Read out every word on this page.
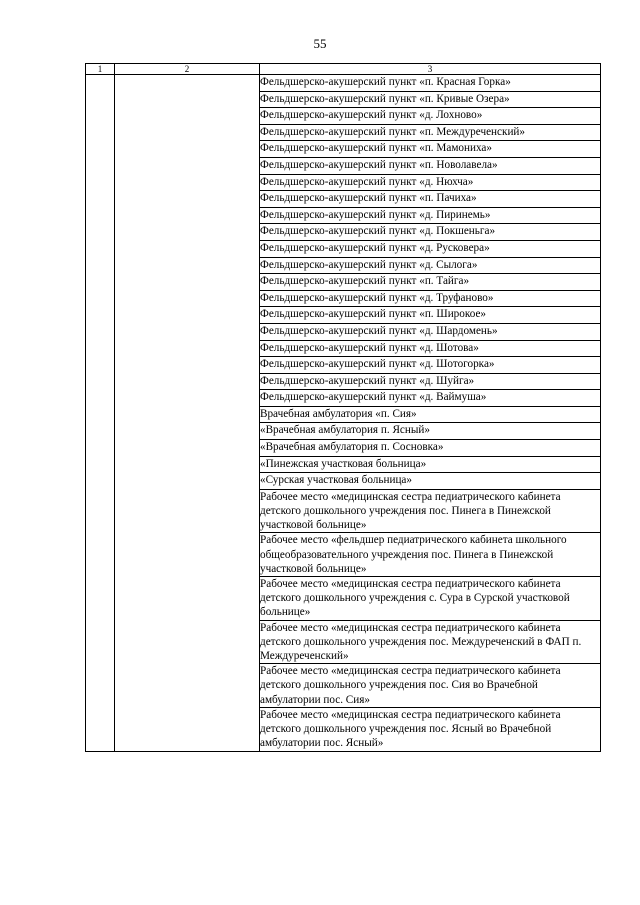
55
1	2	3
		Фельдшерско-акушерский пункт «п. Красная Горка»
		Фельдшерско-акушерский пункт «п. Кривые Озера»
		Фельдшерско-акушерский пункт «д. Лохново»
		Фельдшерско-акушерский пункт «п. Междуреченский»
		Фельдшерско-акушерский пункт «п. Мамониха»
		Фельдшерско-акушерский пункт «п. Новолавела»
		Фельдшерско-акушерский пункт «д. Нюхча»
		Фельдшерско-акушерский пункт «п. Пачиха»
		Фельдшерско-акушерский пункт «д. Пиринемь»
		Фельдшерско-акушерский пункт «д. Покшеньга»
		Фельдшерско-акушерский пункт «д. Русковера»
		Фельдшерско-акушерский пункт «д. Сылога»
		Фельдшерско-акушерский пункт «п. Тайга»
		Фельдшерско-акушерский пункт «д. Труфаново»
		Фельдшерско-акушерский пункт «п. Широкое»
		Фельдшерско-акушерский пункт «д. Шардомень»
		Фельдшерско-акушерский пункт «д. Шотова»
		Фельдшерско-акушерский пункт «д. Шотогорка»
		Фельдшерско-акушерский пункт «д. Шуйга»
		Фельдшерско-акушерский пункт «д. Ваймуша»
		Врачебная амбулатория «п. Сия»
		«Врачебная амбулатория п. Ясный»
		«Врачебная амбулатория п. Сосновка»
		«Пинежская участковая больница»
		«Сурская участковая больница»
		Рабочее место «медицинская сестра педиатрического кабинета детского дошкольного учреждения пос. Пинега в Пинежской участковой больнице»
		Рабочее место «фельдшер педиатрического кабинета школьного общеобразовательного учреждения пос. Пинега в Пинежской участковой больнице»
		Рабочее место «медицинская сестра педиатрического кабинета детского дошкольного учреждения с. Сура в Сурской участковой больнице»
		Рабочее место «медицинская сестра педиатрического кабинета детского дошкольного учреждения пос. Междуреченский в ФАП п. Междуреченский»
		Рабочее место «медицинская сестра педиатрического кабинета детского дошкольного учреждения пос. Сия во Врачебной амбулатории пос. Сия»
		Рабочее место «медицинская сестра педиатрического кабинета детского дошкольного учреждения пос. Ясный во Врачебной амбулатории пос. Ясный»
